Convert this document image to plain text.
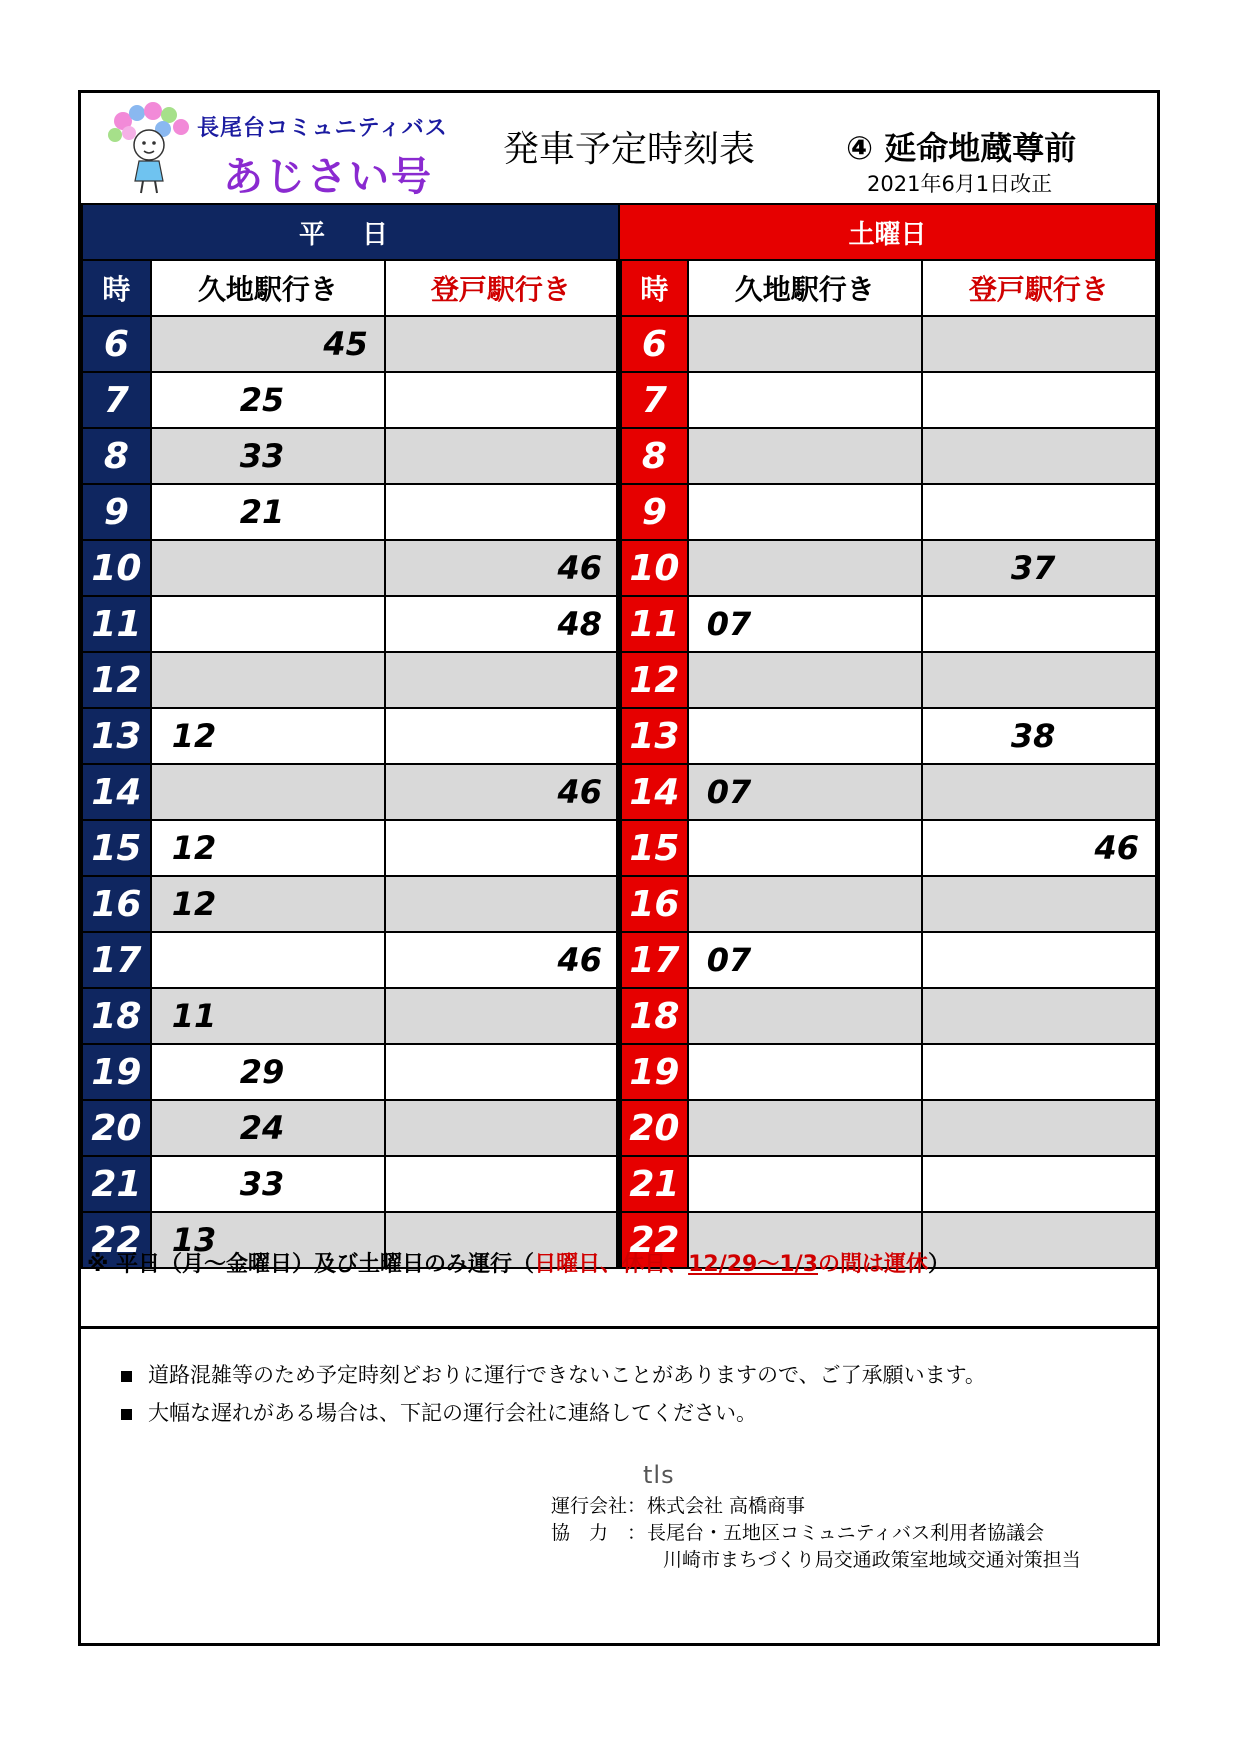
長尾台コミュニティバス
あじさい号
発車予定時刻表	④ 延命地蔵尊前
2021年6月1日改正
平 日			土曜日		
時	久地駅行き	登戸駅行き	時	久地駅行き	登戸駅行き
6	45		6	

7	25		7	

8	33		8	

9	21		9	

10		46	10		37

11		48	11	07	

12			12	

13	12		13		38

14		46	14	07	

15	12		15		46

16	12		16	

17		46	17	07	

18	11		18	

19	29		19	

20	24		20	

21	33		21	

22	13		22	

※ 平日（月～金曜日）及び土曜日のみ運行（日曜日、休日、12/29～1/3の間は運休）
道路混雑等のため予定時刻どおりに運行できないことがありますので、ご了承願います。
大幅な遅れがある場合は、下記の運行会社に連絡してください。
tls
運行会社： 株式会社 高橋商事
協　力　： 長尾台・五地区コミュニティバス利用者協議会
川崎市まちづくり局交通政策室地域交通対策担当
